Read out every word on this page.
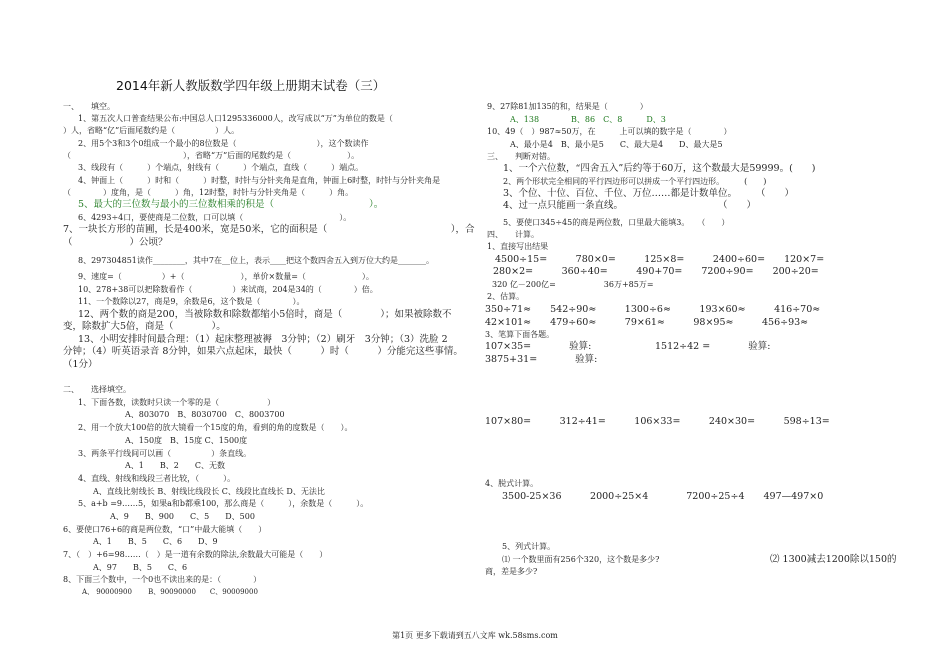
2014年新人教版数学四年级上册期末试卷（三）
一、　　填空。
1、第五次人口普查结果公布:中国总人口1295336000人，改写成以“万”为单位的数是（
）人，省略“亿”后面尾数约是（　　　　　）人。
2、用5个3和3个0组成一个最小的8位数是（　　　　　　　　　　），这个数读作
（　　　　　　　　　　　　　　），省略“万”后面的尾数约是（　　　　　　　）。
3、线段有（　　　）个端点，射线有（　　　）个端点，直线（　　　）端点。
4、钟面上（　　　）时和（　　　）时整，时针与分针夹角是直角，钟面上6时整，时针与分针夹角是
（　　　　）度角，是（　　　）角，12时整，时针与分针夹角是（　　　）角。
5、最大的三位数与最小的三位数相乘的积是（　　　　　　　　　　）。
6、4293÷4口，要使商是二位数，口可以填（　　　　　　　　　　　　）。
7、一块长方形的苗圃，长是400米，宽是50米，它的面积是（　　　　　　　　　　　　　），合
（　　　　　　）公顷？
8、297304851读作________，其中7在__位上，表示____把这个数四舍五入到万位大约是_______。
9、速度=（　　　　　）+（　　　　　　　），单价×数量=（　　　　　　　）。
10、278+38可以把除数看作（　　　　　）来试商，204是34的（　　　　）倍。
11、一个数除以27，商是9，余数是6，这个数是（　　　　）。
12、两个数的商是200，当被除数和除数都缩小5倍时，商是（　　　　）；如果被除数不
变，除数扩大5倍，商是（　　　　）。
13、小明安排时间最合理：（1）起床整理被褥　3分钟；（2）刷牙　3分钟；（3）洗脸 2
分钟；（4）听英语录音 8分钟，如果六点起床，最快（　　　）时（　　　）分能完这些事情。
（1分）
二、　　选择填空。
1、下面各数，读数时只读一个零的是（　　　　　　）
A、803070　B、8030700　C、8003700
2、用一个放大100倍的放大镜看一个15度的角，看到的角的度数是（　　）。
A、150度　B、15度 C、1500度
3、两条平行线间可以画（　　　　　）条直线。
A、1　　B、2　　C、无数
4、直线、射线和线段三者比较，（　　　）。
A、直线比射线长 B、射线比线段长 C、线段比直线长 D、无法比
5、a+b =9……5，如果a和b都乘100，那么商是（　　　），余数是（　　　）。
A、9　　B、900　　C、5　　D、500
6、要使口76+6的商是两位数，“口”中最大能填（　　）
A、1　　B、5　　C、6　　D、9
7、（　）+6=98……（　）是一道有余数的除法,余数最大可能是（　　）
A、97　　B、5　　C、6
8、下面三个数中，一个0也不读出来的是：（　　　　）
A、 90000900　　 B、90090000　　C、90009000
9、27除81加135的和，结果是（　　　　）
A、138　　　　B、86　C、8　　　D、3
10、49（　）987≈50万，在　　　上可以填的数字是（　　　　）
A、最小是4　B、最小是5　　C、最大是4　　D、最大是5
三、　　判断对错。
1、一个六位数，“四舍五入”后约等于60万，这个数最大是59999。(　　)
2、两个形状完全相同的平行四边形可以拼成一个平行四边形。　　　(　　)
3、个位、十位、百位、千位、万位……都是计数单位。　　　（　　）
4、过一点只能画一条直线。　　　　　　　　　　　（　　）
5、要使口345÷45的商是两位数，口里最大能填3。　　（　　）
四、　　计算。
1、直接写出结果
4500÷15=　　　780×0=　　　125×8=　　　2400÷60=　　120×7=
280×2=　　　360÷40=　　　490+70=　　7200÷90=　　200÷20=
320 亿－200亿=　　　　　　36万+85万=
2、估算。
350÷71≈　　542÷90≈　　　1300÷6≈　　　193×60≈　　　416÷70≈
42×101≈　　479÷60≈　　　79×61≈　　　98×95≈　　　456÷93≈
3、笔算下面各题。
107×35=　　　　验算:	1512÷42 =　　　　验算:
3875+31=　　　　验算:
107×80=　　　312÷41=　　　106×33=　　　240×30=　　　598÷13=
4、脱式计算。
3500-25×36　　　2000÷25×4　　　　7200÷25÷4　　497—497×0
5、列式计算。
⑴ 一个数里面有256个320，这个数是多少?	⑵ 1300减去1200除以150的
商，差是多少?
第1页 更多下载请到五八文库 wk.58sms.com
